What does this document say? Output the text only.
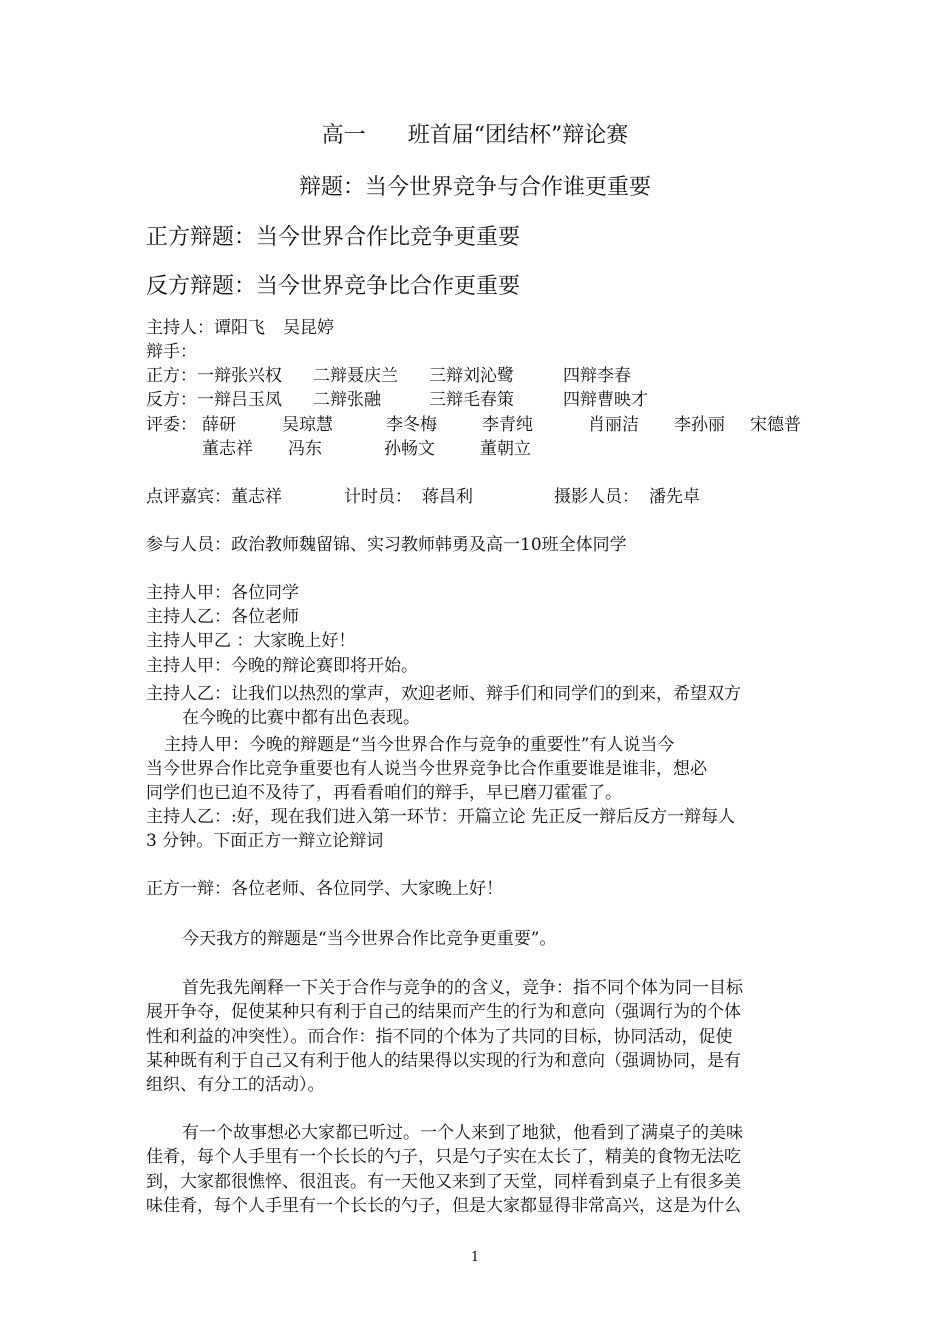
高一 班首届“团结杯”辩论赛
辩题：当今世界竞争与合作谁更重要
正方辩题：当今世界合作比竞争更重要
反方辩题：当今世界竞争比合作更重要
主持人：谭阳飞 吴昆婷
辩手：
正方：一辩张兴权 二辩聂庆兰 三辩刘沁鹭	四辩李春
反方：一辩吕玉凤 二辩张融	三辩毛春策	四辩曹映才
评委： 薛研	吴琼慧	李冬梅	李青纯	肖丽洁 李孙丽 宋德普
董志祥 冯东	孙畅文	董朝立
点评嘉宾：董志祥	计时员： 蒋昌利	摄影人员： 潘先卓
参与人员：政治教师魏留锦、实习教师韩勇及高一10班全体同学
主持人甲：各位同学
主持人乙：各位老师
主持人甲乙 ：大家晚上好！
主持人甲：今晚的辩论赛即将开始。
主持人乙：让我们以热烈的掌声，欢迎老师、辩手们和同学们的到来，希望双方
在今晚的比赛中都有出色表现。
主持人甲：今晚的辩题是“当今世界合作与竞争的重要性”有人说当今
当今世界合作比竞争重要也有人说当今世界竞争比合作重要谁是谁非，想必
同学们也已迫不及待了，再看看咱们的辩手，早已磨刀霍霍了。
主持人乙：:好，现在我们进入第一环节：开篇立论 先正反一辩后反方一辩每人
3 分钟。下面正方一辩立论辩词
正方一辩：各位老师、各位同学、大家晚上好！
今天我方的辩题是“当今世界合作比竞争更重要”。
首先我先阐释一下关于合作与竞争的的含义，竞争：指不同个体为同一目标
展开争夺，促使某种只有利于自己的结果而产生的行为和意向（强调行为的个体
性和利益的冲突性）。而合作：指不同的个体为了共同的目标，协同活动，促使
某种既有利于自己又有利于他人的结果得以实现的行为和意向（强调协同，是有
组织、有分工的活动）。
有一个故事想必大家都已听过。一个人来到了地狱，他看到了满桌子的美味
佳肴，每个人手里有一个长长的勺子，只是勺子实在太长了，精美的食物无法吃
到，大家都很憔悴、很沮丧。有一天他又来到了天堂，同样看到桌子上有很多美
味佳肴，每个人手里有一个长长的勺子，但是大家都显得非常高兴，这是为什么
1
